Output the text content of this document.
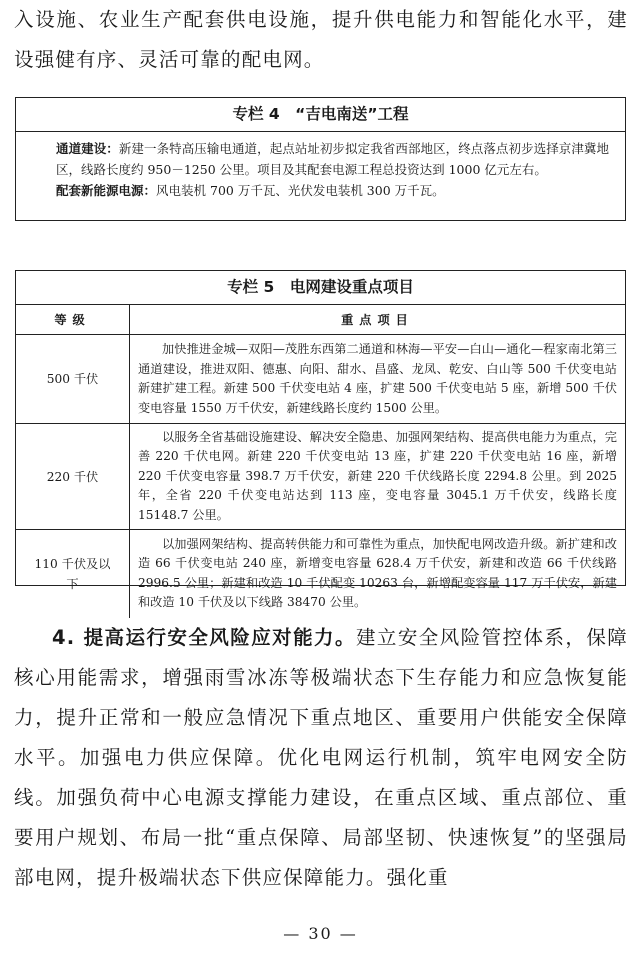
入设施、农业生产配套供电设施，提升供电能力和智能化水平，建设强健有序、灵活可靠的配电网。
专栏 4　“吉电南送”工程
通道建设：新建一条特高压输电通道，起点站址初步拟定我省西部地区，终点落点初步选择京津冀地区，线路长度约 950－1250 公里。项目及其配套电源工程总投资达到 1000 亿元左右。
配套新能源电源：风电装机 700 万千瓦、光伏发电装机 300 万千瓦。
专栏 5　电网建设重点项目
等级	重点项目
500 千伏	加快推进金城—双阳—茂胜东西第二通道和林海—平安—白山—通化—程家南北第三通道建设，推进双阳、德惠、向阳、甜水、昌盛、龙凤、乾安、白山等 500 千伏变电站新建扩建工程。新建 500 千伏变电站 4 座，扩建 500 千伏变电站 5 座，新增 500 千伏变电容量 1550 万千伏安，新建线路长度约 1500 公里。
220 千伏	以服务全省基础设施建设、解决安全隐患、加强网架结构、提高供电能力为重点，完善 220 千伏电网。新建 220 千伏变电站 13 座，扩建 220 千伏变电站 16 座，新增 220 千伏变电容量 398.7 万千伏安，新建 220 千伏线路长度 2294.8 公里。到 2025 年，全省 220 千伏变电站达到 113 座，变电容量 3045.1 万千伏安，线路长度 15148.7 公里。
110 千伏及以下	以加强网架结构、提高转供能力和可靠性为重点，加快配电网改造升级。新扩建和改造 66 千伏变电站 240 座，新增变电容量 628.4 万千伏安，新建和改造 66 千伏线路 2996.5 公里；新建和改造 10 千伏配变 10263 台，新增配变容量 117 万千伏安，新建和改造 10 千伏及以下线路 38470 公里。
4. 提高运行安全风险应对能力。建立安全风险管控体系，保障核心用能需求，增强雨雪冰冻等极端状态下生存能力和应急恢复能力，提升正常和一般应急情况下重点地区、重要用户供能安全保障水平。加强电力供应保障。优化电网运行机制，筑牢电网安全防线。加强负荷中心电源支撑能力建设，在重点区域、重点部位、重要用户规划、布局一批“重点保障、局部坚韧、快速恢复”的坚强局部电网，提升极端状态下供应保障能力。强化重
— 30 —
